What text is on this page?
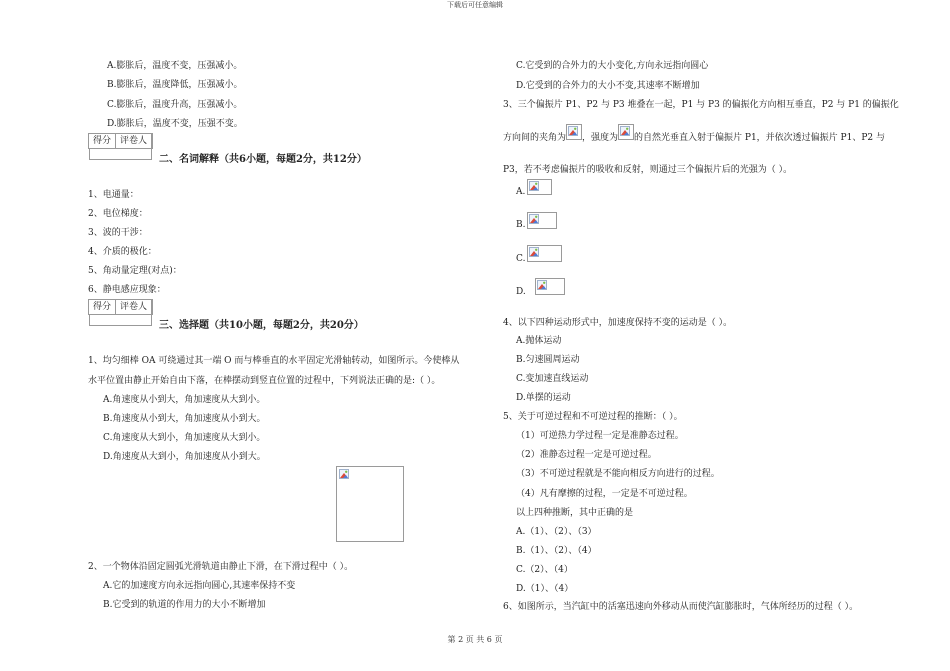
下载后可任意编辑
A.膨胀后，温度不变，压强减小。
B.膨胀后，温度降低，压强减小。
C.膨胀后，温度升高，压强减小。
D.膨胀后，温度不变，压强不变。
得分	评卷人
二、名词解释（共6小题，每题2分，共12分）
1、电通量：
2、电位梯度：
3、波的干涉：
4、介质的极化：
5、角动量定理(对点)：
6、静电感应现象：
得分	评卷人
三、选择题（共10小题，每题2分，共20分）
1、均匀细棒 OA 可绕通过其一端 O 而与棒垂直的水平固定光滑轴转动，如图所示。今使棒从
水平位置由静止开始自由下落，在棒摆动到竖直位置的过程中，下列说法正确的是:（ ）。
A.角速度从小到大，角加速度从大到小。
B.角速度从小到大，角加速度从小到大。
C.角速度从大到小，角加速度从大到小。
D.角速度从大到小，角加速度从小到大。
2、一个物体沿固定圆弧光滑轨道由静止下滑，在下滑过程中（ ）。
A.它的加速度方向永远指向圆心,其速率保持不变
B.它受到的轨道的作用力的大小不断增加
C.它受到的合外力的大小变化,方向永远指向圆心
D.它受到的合外力的大小不变,其速率不断增加
3、三个偏振片 P1、P2 与 P3 堆叠在一起，P1 与 P3 的偏振化方向相互垂直，P2 与 P1 的偏振化
方向间的夹角为 ，强度为 的自然光垂直入射于偏振片 P1，并依次透过偏振片 P1、P2 与
P3，若不考虑偏振片的吸收和反射，则通过三个偏振片后的光强为（ ）。
A.
B.
C.
D.
4、以下四种运动形式中，加速度保持不变的运动是（ ）。
A.抛体运动
B.匀速圆周运动
C.变加速直线运动
D.单摆的运动
5、关于可逆过程和不可逆过程的推断：（ ）。
（1）可逆热力学过程一定是准静态过程。
（2）准静态过程一定是可逆过程。
（3）不可逆过程就是不能向相反方向进行的过程。
（4）凡有摩擦的过程，一定是不可逆过程。
以上四种推断，其中正确的是
A.（1）、（2）、（3）
B.（1）、（2）、（4）
C.（2）、（4）
D.（1）、（4）
6、如图所示，当汽缸中的活塞迅速向外移动从而使汽缸膨胀时，气体所经历的过程（ ）。
第 2 页 共 6 页
